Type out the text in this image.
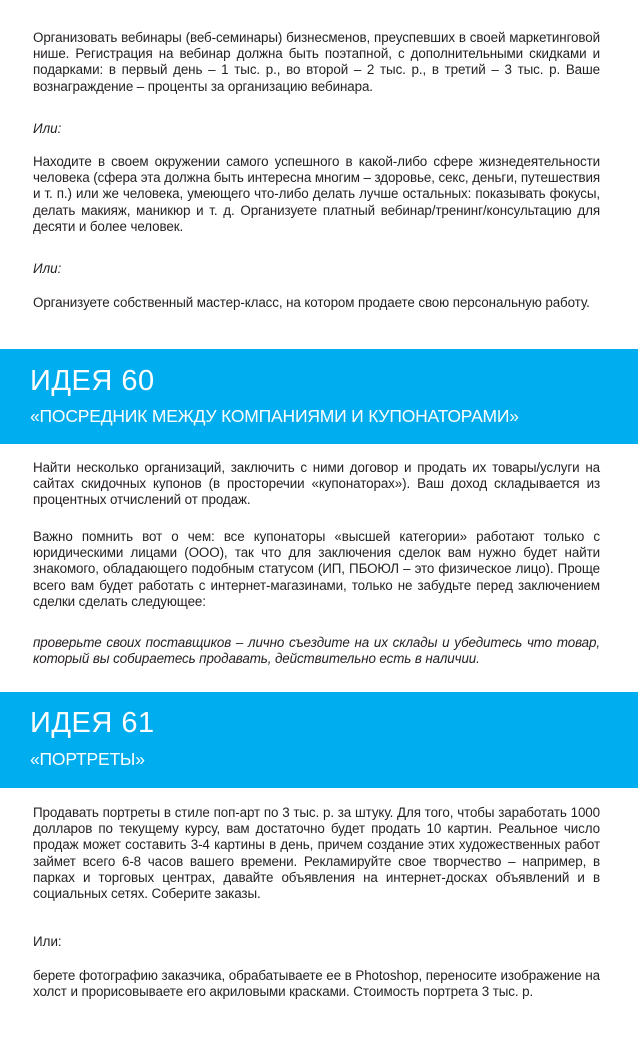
Организовать вебинары (веб-семинары) бизнесменов, преуспевших в своей маркетинговой нише. Регистрация на вебинар должна быть поэтапной, с дополнительными скидками и подарками: в первый день – 1 тыс. р., во второй – 2 тыс. р., в третий – 3 тыс. р. Ваше вознаграждение – проценты за организацию вебинара.

Или:

Находите в своем окружении самого успешного в какой-либо сфере жизнедеятельности человека (сфера эта должна быть интересна многим – здоровье, секс, деньги, путешествия и т. п.) или же человека, умеющего что-либо делать лучше остальных: показывать фокусы, делать макияж, маникюр и т. д. Организуете платный вебинар/тренинг/консультацию для десяти и более человек.

Или:

Организуете собственный мастер-класс, на котором продаете свою персональную работу.

ИДЕЯ 60
«ПОСРЕДНИК МЕЖДУ КОМПАНИЯМИ И КУПОНАТОРАМИ»

Найти несколько организаций, заключить с ними договор и продать их товары/услуги на сайтах скидочных купонов (в просторечии «купонаторах»). Ваш доход складывается из процентных отчислений от продаж.

Важно помнить вот о чем: все купонаторы «высшей категории» работают только с юридическими лицами (ООО), так что для заключения сделок вам нужно будет найти знакомого, обладающего подобным статусом (ИП, ПБОЮЛ – это физическое лицо). Проще всего вам будет работать с интернет-магазинами, только не забудьте перед заключением сделки сделать следующее:

проверьте своих поставщиков – лично съездите на их склады и убедитесь что товар, который вы собираетесь продавать, действительно есть в наличии.

ИДЕЯ 61
«ПОРТРЕТЫ»

Продавать портреты в стиле поп-арт по 3 тыс. р. за штуку. Для того, чтобы заработать 1000 долларов по текущему курсу, вам достаточно будет продать 10 картин. Реальное число продаж может составить 3-4 картины в день, причем создание этих художественных работ займет всего 6-8 часов вашего времени. Рекламируйте свое творчество – например, в парках и торговых центрах, давайте объявления на интернет-досках объявлений и в социальных сетях. Соберите заказы.

Или:

берете фотографию заказчика, обрабатываете ее в Photoshop, переносите изображение на холст и прорисовываете его акриловыми красками. Стоимость портрета 3 тыс. р.
